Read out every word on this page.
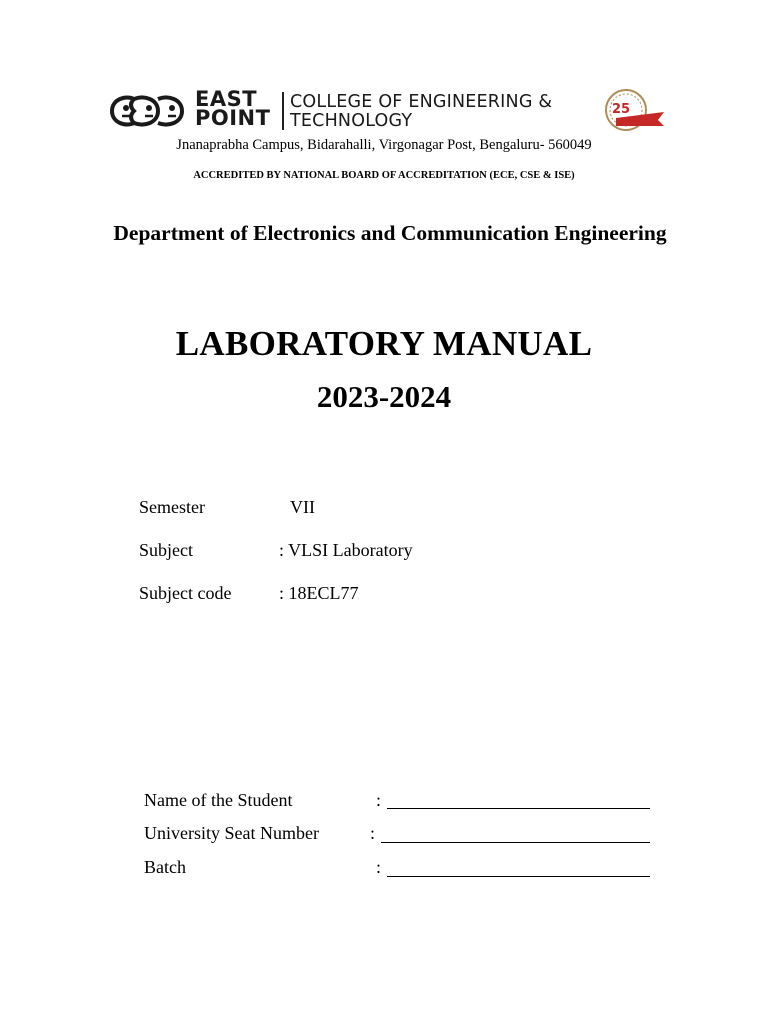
EAST
POINT
COLLEGE OF ENGINEERING &
TECHNOLOGY
25
Jnanaprabha Campus, Bidarahalli, Virgonagar Post, Bengaluru- 560049
ACCREDITED BY NATIONAL BOARD OF ACCREDITATION (ECE, CSE & ISE)
Department of Electronics and Communication Engineering
LABORATORY MANUAL
2023-2024
Semester	VII
Subject	: VLSI Laboratory
Subject code	: 18ECL77
Name of the Student	:
University Seat Number	:
Batch	:
